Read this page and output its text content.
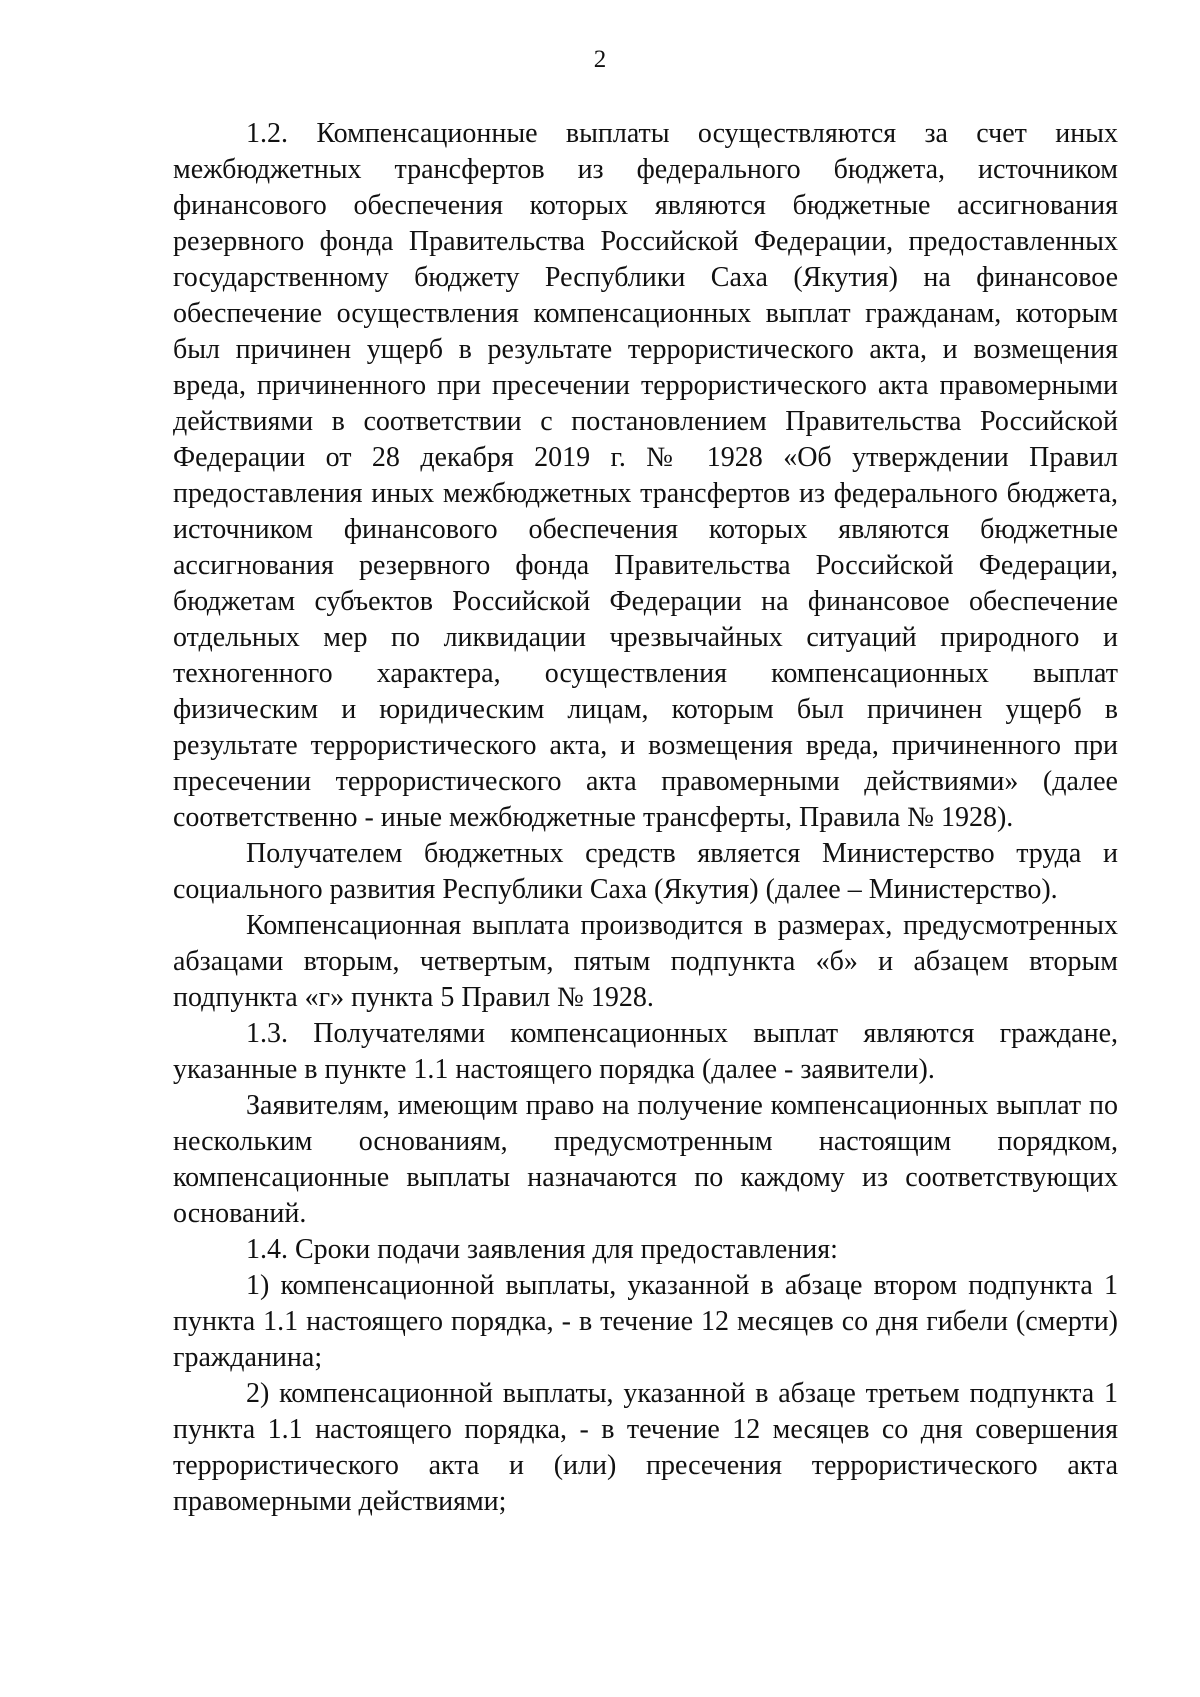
2

1.2. Компенсационные выплаты осуществляются за счет иных межбюджетных трансфертов из федерального бюджета, источником финансового обеспечения которых являются бюджетные ассигнования резервного фонда Правительства Российской Федерации, предоставленных государственному бюджету Республики Саха (Якутия) на финансовое обеспечение осуществления компенсационных выплат гражданам, которым был причинен ущерб в результате террористического акта, и возмещения вреда, причиненного при пресечении террористического акта правомерными действиями в соответствии с постановлением Правительства Российской Федерации от 28 декабря 2019 г. № 1928 «Об утверждении Правил предоставления иных межбюджетных трансфертов из федерального бюджета, источником финансового обеспечения которых являются бюджетные ассигнования резервного фонда Правительства Российской Федерации, бюджетам субъектов Российской Федерации на финансовое обеспечение отдельных мер по ликвидации чрезвычайных ситуаций природного и техногенного характера, осуществления компенсационных выплат физическим и юридическим лицам, которым был причинен ущерб в результате террористического акта, и возмещения вреда, причиненного при пресечении террористического акта правомерными действиями» (далее соответственно - иные межбюджетные трансферты, Правила № 1928).

Получателем бюджетных средств является Министерство труда и социального развития Республики Саха (Якутия) (далее – Министерство).

Компенсационная выплата производится в размерах, предусмотренных абзацами вторым, четвертым, пятым подпункта «б» и абзацем вторым подпункта «г» пункта 5 Правил № 1928.

1.3. Получателями компенсационных выплат являются граждане, указанные в пункте 1.1 настоящего порядка (далее - заявители).

Заявителям, имеющим право на получение компенсационных выплат по нескольким основаниям, предусмотренным настоящим порядком, компенсационные выплаты назначаются по каждому из соответствующих оснований.

1.4. Сроки подачи заявления для предоставления:

1) компенсационной выплаты, указанной в абзаце втором подпункта 1 пункта 1.1 настоящего порядка, - в течение 12 месяцев со дня гибели (смерти) гражданина;

2) компенсационной выплаты, указанной в абзаце третьем подпункта 1 пункта 1.1 настоящего порядка, - в течение 12 месяцев со дня совершения террористического акта и (или) пресечения террористического акта правомерными действиями;
